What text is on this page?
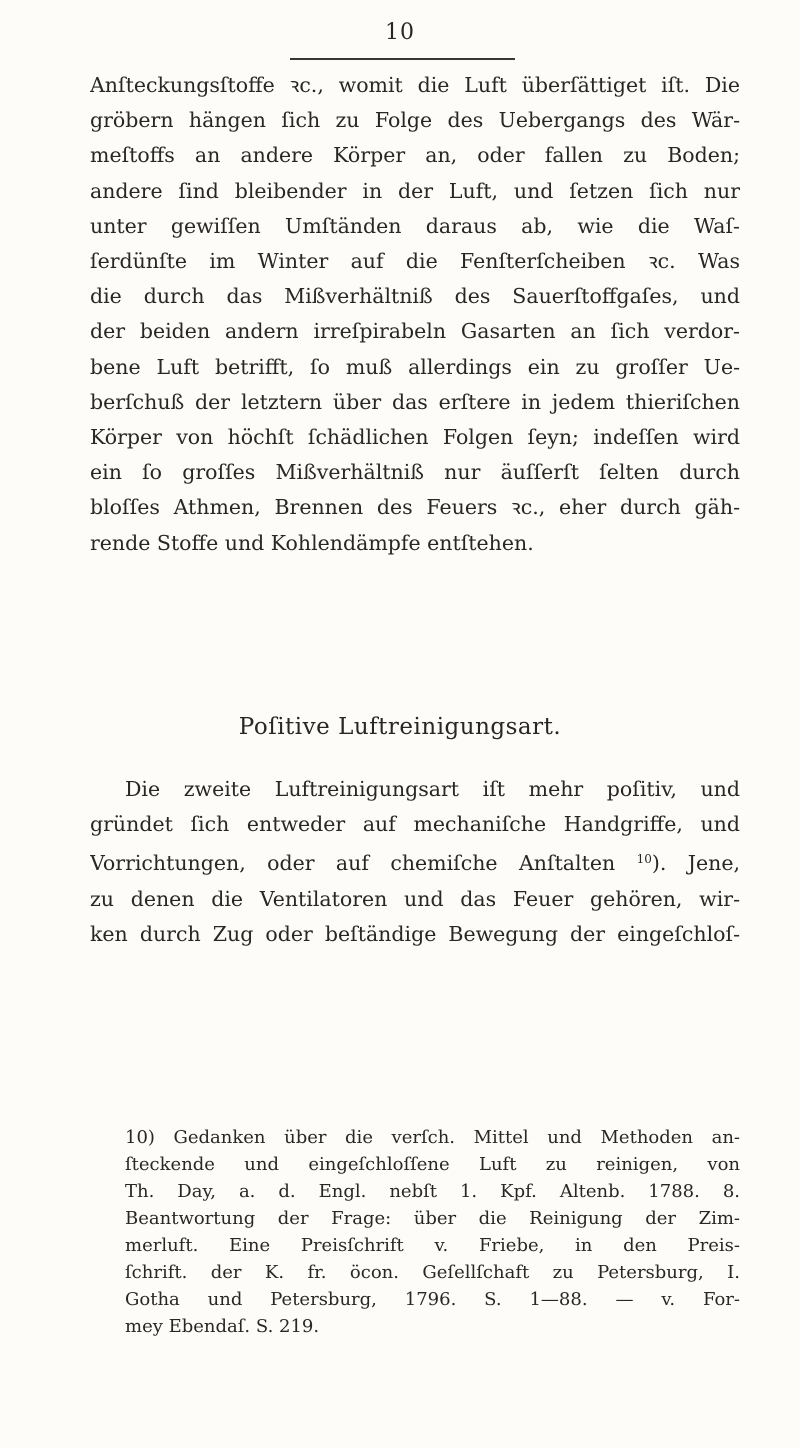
10
Anſteckungsſtoffe ꝛc., womit die Luft überſättiget iſt. Die
gröbern hängen ſich zu Folge des Uebergangs des Wär-
meſtoffs an andere Körper an, oder fallen zu Boden;
andere ſind bleibender in der Luft, und ſetzen ſich nur
unter gewiſſen Umſtänden daraus ab, wie die Waſ-
ſerdünſte im Winter auf die Fenſterſcheiben ꝛc. Was
die durch das Mißverhältniß des Sauerſtoffgaſes, und
der beiden andern irreſpirabeln Gasarten an ſich verdor-
bene Luft betrifft, ſo muß allerdings ein zu groſſer Ue-
berſchuß der letztern über das erſtere in jedem thieriſchen
Körper von höchſt ſchädlichen Folgen ſeyn; indeſſen wird
ein ſo groſſes Mißverhältniß nur äuſſerſt ſelten durch
bloſſes Athmen, Brennen des Feuers ꝛc., eher durch gäh-
rende Stoffe und Kohlendämpfe entſtehen.
Poſitive Luftreinigungsart.
Die zweite Luftreinigungsart iſt mehr poſitiv, und
gründet ſich entweder auf mechaniſche Handgriffe, und
Vorrichtungen, oder auf chemiſche Anſtalten $^{10}$). Jene,
zu denen die Ventilatoren und das Feuer gehören, wir-
ken durch Zug oder beſtändige Bewegung der eingeſchloſ-
10) Gedanken über die verſch. Mittel und Methoden an-
ſteckende und eingeſchloſſene Luft zu reinigen, von
Th. Day, a. d. Engl. nebſt 1. Kpf. Altenb. 1788. 8.
Beantwortung der Frage: über die Reinigung der Zim-
merluft. Eine Preisſchrift v. Friebe, in den Preis-
ſchrift. der K. fr. öcon. Geſellſchaft zu Petersburg, I.
Gotha und Petersburg, 1796. S. 1—88. — v. For-
mey Ebendaſ. S. 219.
